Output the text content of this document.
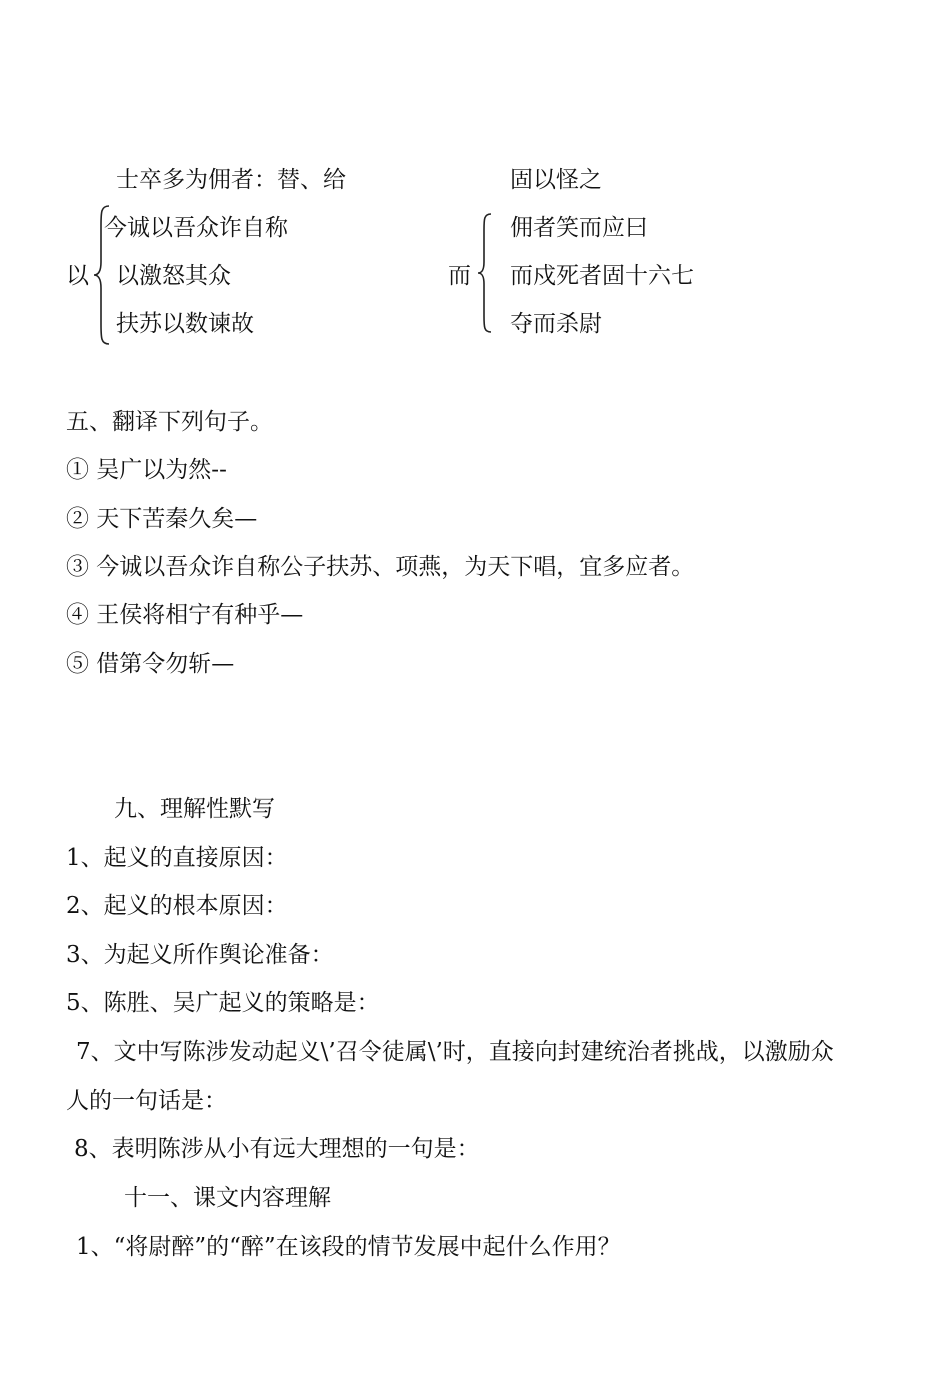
士卒多为佣者：替、给	固以怪之
以
今诚以吾众诈自称
以激怒其众
扶苏以数谏故
而
佣者笑而应曰
而戍死者固十六七
夺而杀尉
五、翻译下列句子。
① 吴广以为然--
② 天下苦秦久矣—
③ 今诚以吾众诈自称公子扶苏、项燕，为天下唱，宜多应者。
④ 王侯将相宁有种乎—
⑤ 借第令勿斩—
九、理解性默写
1、起义的直接原因：
2、起义的根本原因：
3、为起义所作舆论准备：
5、陈胜、吴广起义的策略是：
7、文中写陈涉发动起义\’召令徒属\’时，直接向封建统治者挑战，以激励众
人的一句话是：
8、表明陈涉从小有远大理想的一句是：
十一、课文内容理解
1、“将尉醉”的“醉”在该段的情节发展中起什么作用？
